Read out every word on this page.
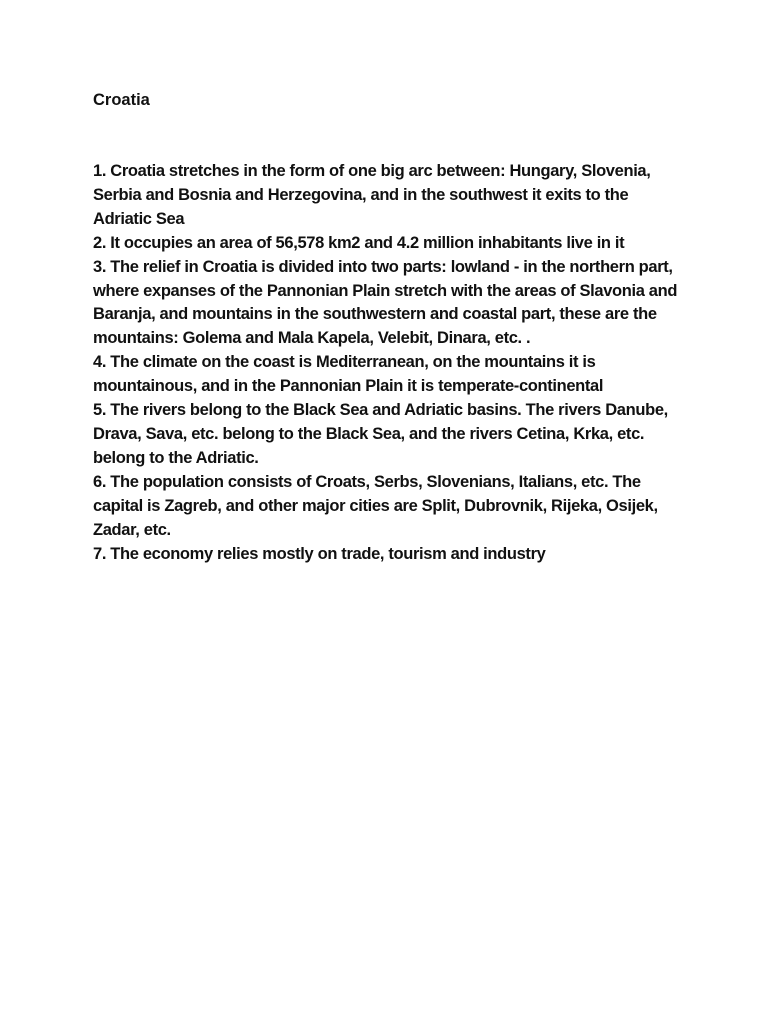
Croatia
1. Croatia stretches in the form of one big arc between: Hungary, Slovenia, Serbia and Bosnia and Herzegovina, and in the southwest it exits to the Adriatic Sea
2. It occupies an area of 56,578 km2 and 4.2 million inhabitants live in it
3. The relief in Croatia is divided into two parts: lowland - in the northern part, where expanses of the Pannonian Plain stretch with the areas of Slavonia and Baranja, and mountains in the southwestern and coastal part, these are the mountains: Golema and Mala Kapela, Velebit, Dinara, etc. .
4. The climate on the coast is Mediterranean, on the mountains it is mountainous, and in the Pannonian Plain it is temperate-continental
5. The rivers belong to the Black Sea and Adriatic basins. The rivers Danube, Drava, Sava, etc. belong to the Black Sea, and the rivers Cetina, Krka, etc. belong to the Adriatic.
6. The population consists of Croats, Serbs, Slovenians, Italians, etc. The capital is Zagreb, and other major cities are Split, Dubrovnik, Rijeka, Osijek, Zadar, etc.
7. The economy relies mostly on trade, tourism and industry
